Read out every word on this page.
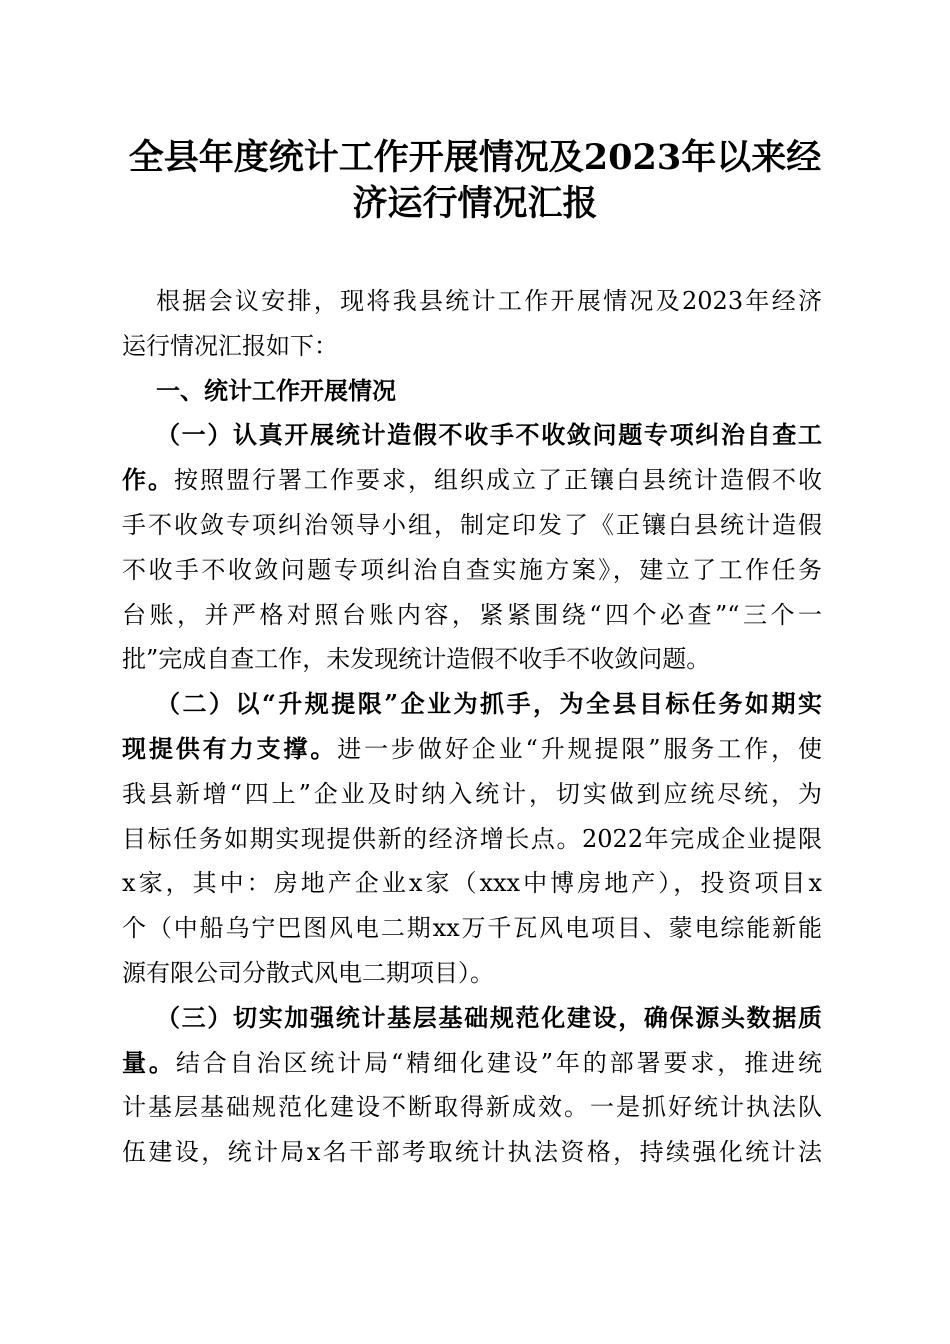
全县年度统计工作开展情况及2023年以来经
济运行情况汇报
根据会议安排，现将我县统计工作开展情况及2023年经济
运行情况汇报如下：
一、统计工作开展情况
（一）认真开展统计造假不收手不收敛问题专项纠治自查工
作。按照盟行署工作要求，组织成立了正镶白县统计造假不收
手不收敛专项纠治领导小组，制定印发了《正镶白县统计造假
不收手不收敛问题专项纠治自查实施方案》，建立了工作任务
台账，并严格对照台账内容，紧紧围绕“四个必查”“三个一
批”完成自查工作，未发现统计造假不收手不收敛问题。
（二）以“升规提限”企业为抓手，为全县目标任务如期实
现提供有力支撑。进一步做好企业“升规提限”服务工作，使
我县新增“四上”企业及时纳入统计，切实做到应统尽统，为
目标任务如期实现提供新的经济增长点。2022年完成企业提限
x家，其中：房地产企业x家（xxx中博房地产），投资项目x
个（中船乌宁巴图风电二期xx万千瓦风电项目、蒙电综能新能
源有限公司分散式风电二期项目）。
（三）切实加强统计基层基础规范化建设，确保源头数据质
量。结合自治区统计局“精细化建设”年的部署要求，推进统
计基层基础规范化建设不断取得新成效。一是抓好统计执法队
伍建设，统计局x名干部考取统计执法资格，持续强化统计法
